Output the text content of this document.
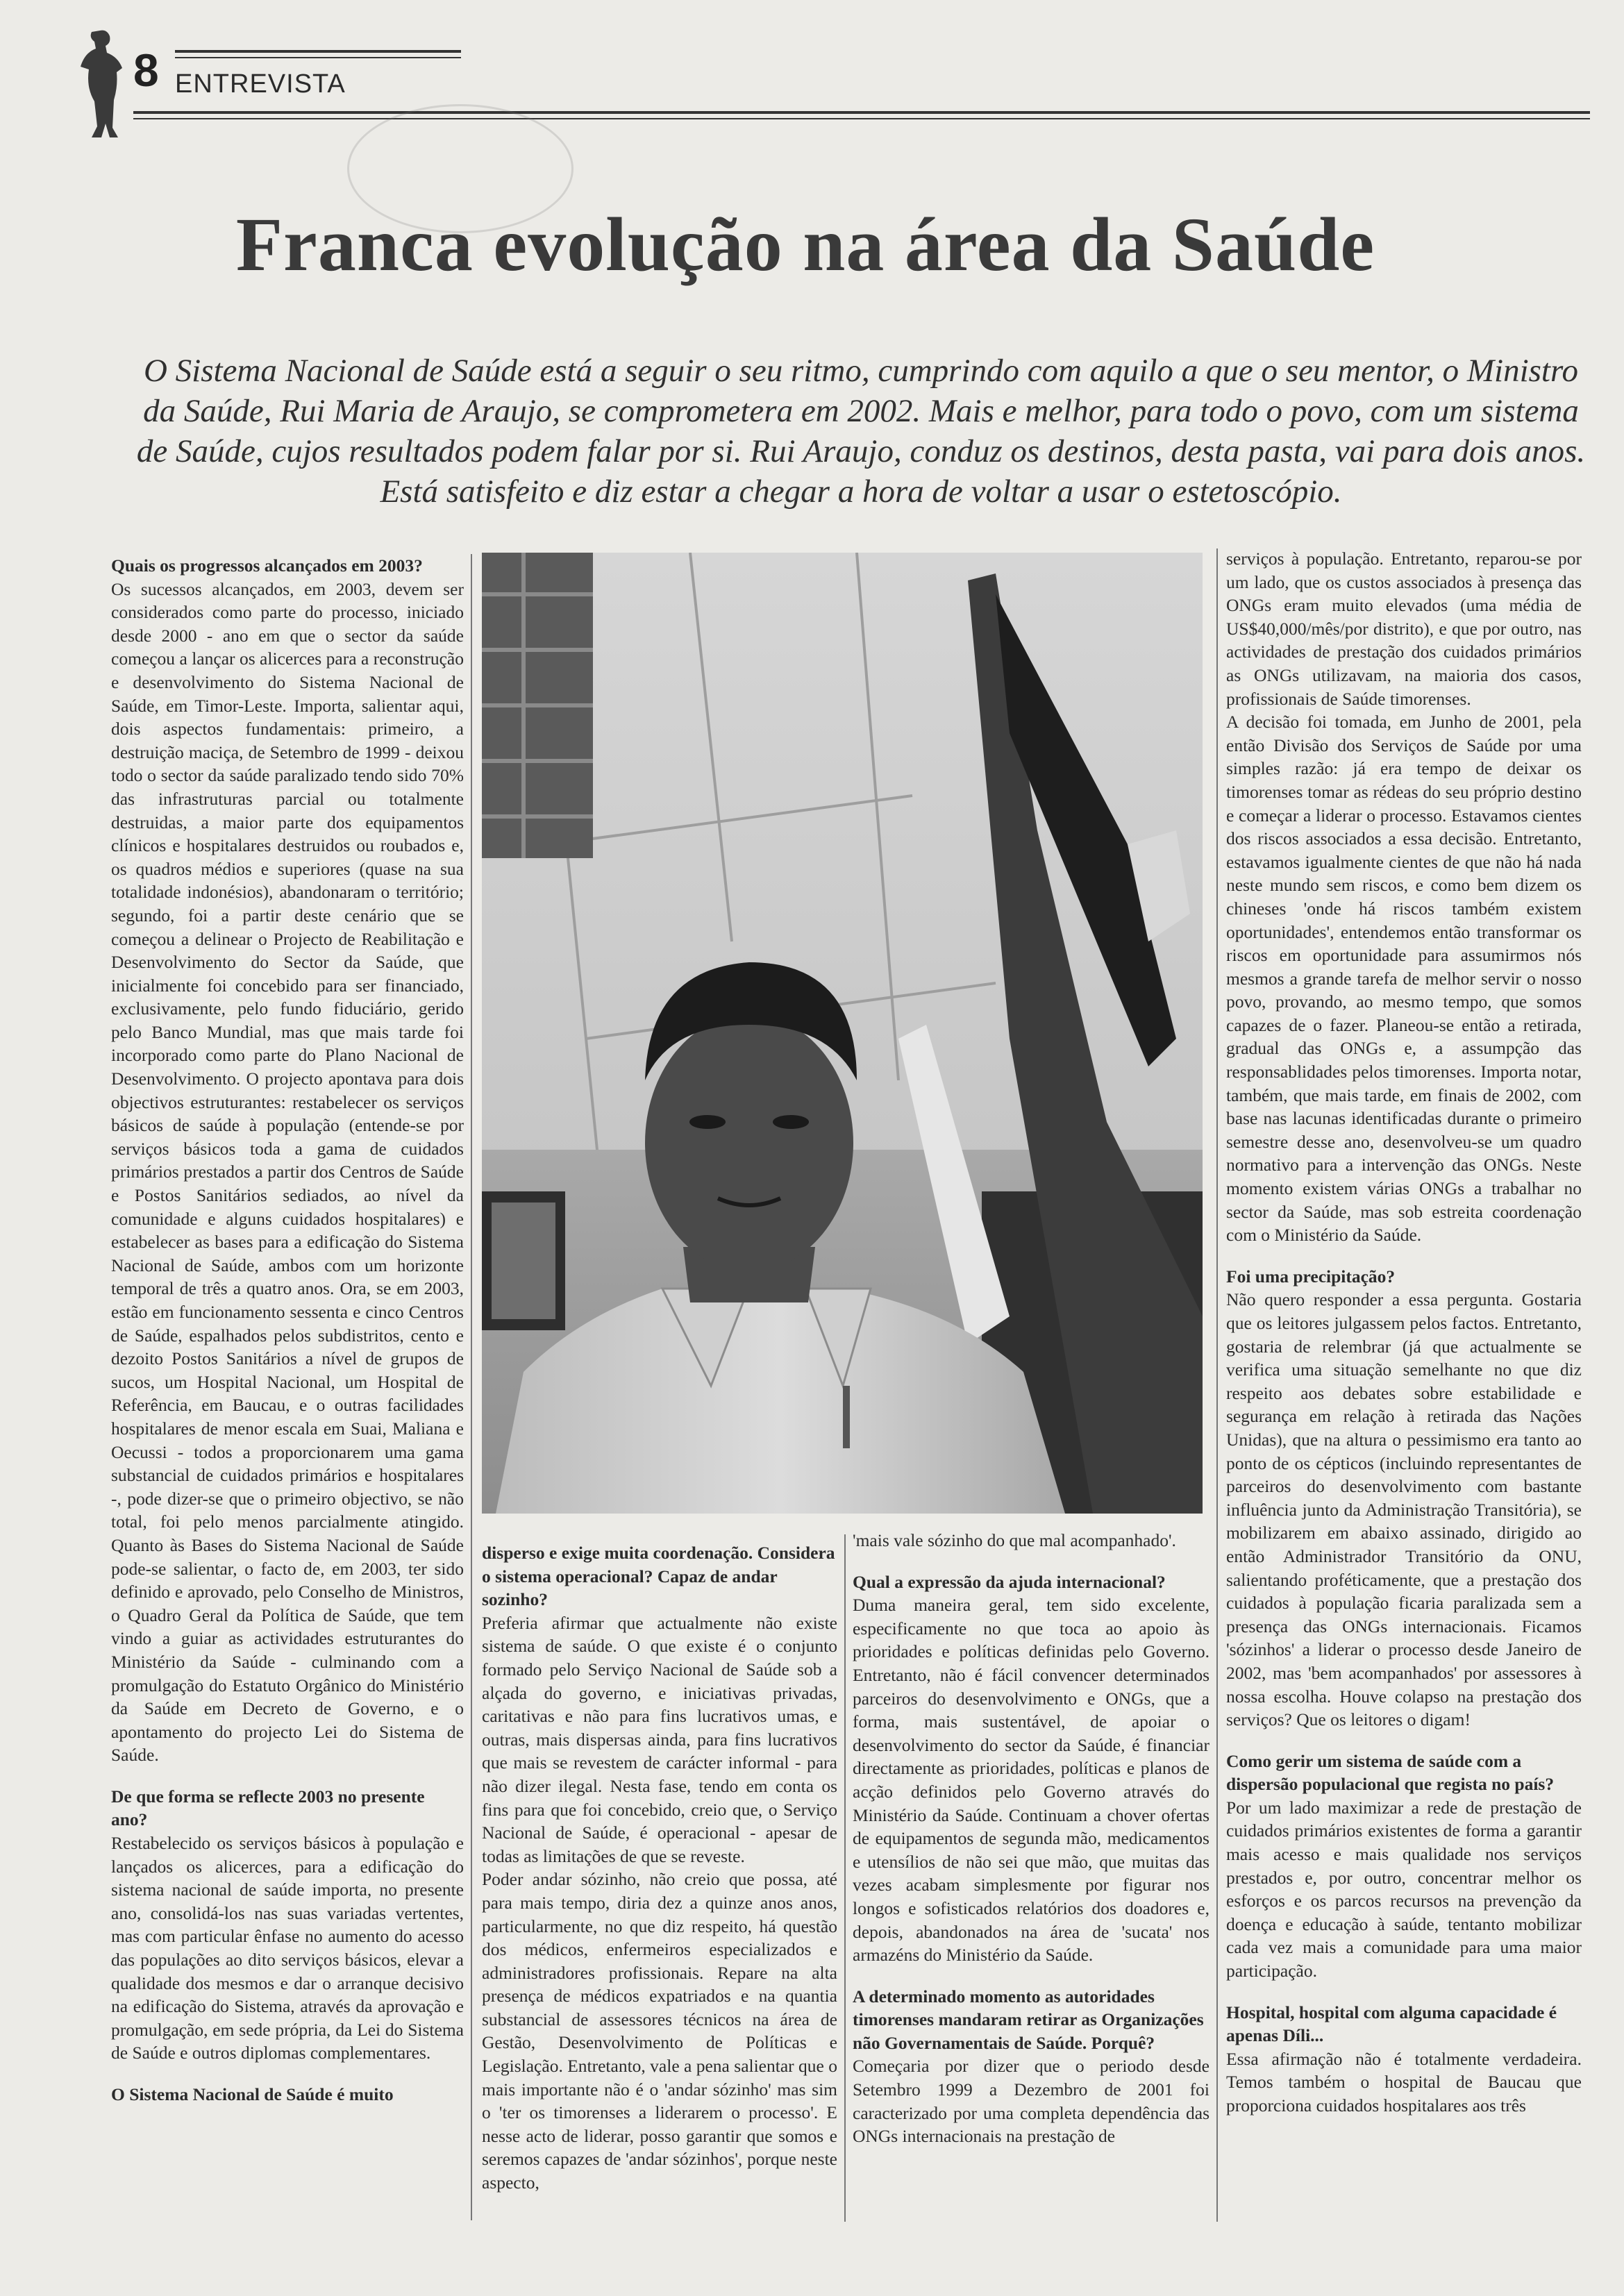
8 ENTREVISTA
Franca evolução na área da Saúde
O Sistema Nacional de Saúde está a seguir o seu ritmo, cumprindo com aquilo a que o seu mentor, o Ministro da Saúde, Rui Maria de Araujo, se comprometera em 2002. Mais e melhor, para todo o povo, com um sistema de Saúde, cujos resultados podem falar por si. Rui Araujo, conduz os destinos, desta pasta, vai para dois anos. Está satisfeito e diz estar a chegar a hora de voltar a usar o estetoscópio.
Quais os progressos alcançados em 2003?

Os sucessos alcançados, em 2003, devem ser considerados como parte do processo, iniciado desde 2000 - ano em que o sector da saúde começou a lançar os alicerces para a reconstrução e desenvolvimento do Sistema Nacional de Saúde, em Timor-Leste. Importa, salientar aqui, dois aspectos fundamentais: primeiro, a destruição maciça, de Setembro de 1999 - deixou todo o sector da saúde paralizado tendo sido 70% das infrastruturas parcial ou totalmente destruidas, a maior parte dos equipamentos clínicos e hospitalares destruidos ou roubados e, os quadros médios e superiores (quase na sua totalidade indonésios), abandonaram o território; segundo, foi a partir deste cenário que se começou a delinear o Projecto de Reabilitação e Desenvolvimento do Sector da Saúde, que inicialmente foi concebido para ser financiado, exclusivamente, pelo fundo fiduciário, gerido pelo Banco Mundial, mas que mais tarde foi incorporado como parte do Plano Nacional de Desenvolvimento. O projecto apontava para dois objectivos estruturantes: restabelecer os serviços básicos de saúde à população (entende-se por serviços básicos toda a gama de cuidados primários prestados a partir dos Centros de Saúde e Postos Sanitários sediados, ao nível da comunidade e alguns cuidados hospitalares) e estabelecer as bases para a edificação do Sistema Nacional de Saúde, ambos com um horizonte temporal de três a quatro anos. Ora, se em 2003, estão em funcionamento sessenta e cinco Centros de Saúde, espalhados pelos subdistritos, cento e dezoito Postos Sanitários a nível de grupos de sucos, um Hospital Nacional, um Hospital de Referência, em Baucau, e o outras facilidades hospitalares de menor escala em Suai, Maliana e Oecussi - todos a proporcionarem uma gama substancial de cuidados primários e hospitalares -, pode dizer-se que o primeiro objectivo, se não total, foi pelo menos parcialmente atingido. Quanto às Bases do Sistema Nacional de Saúde pode-se salientar, o facto de, em 2003, ter sido definido e aprovado, pelo Conselho de Ministros, o Quadro Geral da Política de Saúde, que tem vindo a guiar as actividades estruturantes do Ministério da Saúde - culminando com a promulgação do Estatuto Orgânico do Ministério da Saúde em Decreto de Governo, e o apontamento do projecto Lei do Sistema de Saúde.

De que forma se reflecte 2003 no presente ano?

Restabelecido os serviços básicos à população e lançados os alicerces, para a edificação do sistema nacional de saúde importa, no presente ano, consolidá-los nas suas variadas vertentes, mas com particular ênfase no aumento do acesso das populações ao dito serviços básicos, elevar a qualidade dos mesmos e dar o arranque decisivo na edificação do Sistema, através da aprovação e promulgação, em sede própria, da Lei do Sistema de Saúde e outros diplomas complementares.

O Sistema Nacional de Saúde é muito
disperso e exige muita coordenação. Considera o sistema operacional? Capaz de andar sozinho?

Preferia afirmar que actualmente não existe sistema de saúde. O que existe é o conjunto formado pelo Serviço Nacional de Saúde sob a alçada do governo, e iniciativas privadas, caritativas e não para fins lucrativos umas, e outras, mais dispersas ainda, para fins lucrativos que mais se revestem de carácter informal - para não dizer ilegal. Nesta fase, tendo em conta os fins para que foi concebido, creio que, o Serviço Nacional de Saúde, é operacional - apesar de todas as limitações de que se reveste.

Poder andar sózinho, não creio que possa, até para mais tempo, diria dez a quinze anos anos, particularmente, no que diz respeito, há questão dos médicos, enfermeiros especializados e administradores profissionais. Repare na alta presença de médicos expatriados e na quantia substancial de assessores técnicos na área de Gestão, Desenvolvimento de Políticas e Legislação. Entretanto, vale a pena salientar que o mais importante não é o 'andar sózinho' mas sim o 'ter os timorenses a liderarem o processo'. E nesse acto de liderar, posso garantir que somos e seremos capazes de 'andar sózinhos', porque neste aspecto,

'mais vale sózinho do que mal acompanhado'.

Qual a expressão da ajuda internacional?

Duma maneira geral, tem sido excelente, especificamente no que toca ao apoio às prioridades e políticas definidas pelo Governo. Entretanto, não é fácil convencer determinados parceiros do desenvolvimento e ONGs, que a forma, mais sustentável, de apoiar o desenvolvimento do sector da Saúde, é financiar directamente as prioridades, políticas e planos de acção definidos pelo Governo através do Ministério da Saúde. Continuam a chover ofertas de equipamentos de segunda mão, medicamentos e utensílios de não sei que mão, que muitas das vezes acabam simplesmente por figurar nos longos e sofisticados relatórios dos doadores e, depois, abandonados na área de 'sucata' nos armazéns do Ministério da Saúde.

A determinado momento as autoridades timorenses mandaram retirar as Organizações não Governamentais de Saúde. Porquê?

Começaria por dizer que o periodo desde Setembro 1999 a Dezembro de 2001 foi caracterizado por uma completa dependência das ONGs internacionais na prestação de

serviços à população. Entretanto, reparou-se por um lado, que os custos associados à presença das ONGs eram muito elevados (uma média de US$40,000/mês/por distrito), e que por outro, nas actividades de prestação dos cuidados primários as ONGs utilizavam, na maioria dos casos, profissionais de Saúde timorenses.

A decisão foi tomada, em Junho de 2001, pela então Divisão dos Serviços de Saúde por uma simples razão: já era tempo de deixar os timorenses tomar as rédeas do seu próprio destino e começar a liderar o processo. Estavamos cientes dos riscos associados a essa decisão. Entretanto, estavamos igualmente cientes de que não há nada neste mundo sem riscos, e como bem dizem os chineses 'onde há riscos também existem oportunidades', entendemos então transformar os riscos em oportunidade para assumirmos nós mesmos a grande tarefa de melhor servir o nosso povo, provando, ao mesmo tempo, que somos capazes de o fazer. Planeou-se então a retirada, gradual das ONGs e, a assumpção das responsablidades pelos timorenses. Importa notar, também, que mais tarde, em finais de 2002, com base nas lacunas identificadas durante o primeiro semestre desse ano, desenvolveu-se um quadro normativo para a intervenção das ONGs. Neste momento existem várias ONGs a trabalhar no sector da Saúde, mas sob estreita coordenação com o Ministério da Saúde.

Foi uma precipitação?

Não quero responder a essa pergunta. Gostaria que os leitores julgassem pelos factos. Entretanto, gostaria de relembrar (já que actualmente se verifica uma situação semelhante no que diz respeito aos debates sobre estabilidade e segurança em relação à retirada das Nações Unidas), que na altura o pessimismo era tanto ao ponto de os cépticos (incluindo representantes de parceiros do desenvolvimento com bastante influência junto da Administração Transitória), se mobilizarem em abaixo assinado, dirigido ao então Administrador Transitório da ONU, salientando proféticamente, que a prestação dos cuidados à população ficaria paralizada sem a presença das ONGs internacionais. Ficamos 'sózinhos' a liderar o processo desde Janeiro de 2002, mas 'bem acompanhados' por assessores à nossa escolha. Houve colapso na prestação dos serviços? Que os leitores o digam!

Como gerir um sistema de saúde com a dispersão populacional que regista no país?

Por um lado maximizar a rede de prestação de cuidados primários existentes de forma a garantir mais acesso e mais qualidade nos serviços prestados e, por outro, concentrar melhor os esforços e os parcos recursos na prevenção da doença e educação à saúde, tentanto mobilizar cada vez mais a comunidade para uma maior participação.

Hospital, hospital com alguma capacidade é apenas Díli...

Essa afirmação não é totalmente verdadeira. Temos também o hospital de Baucau que proporciona cuidados hospitalares aos três
